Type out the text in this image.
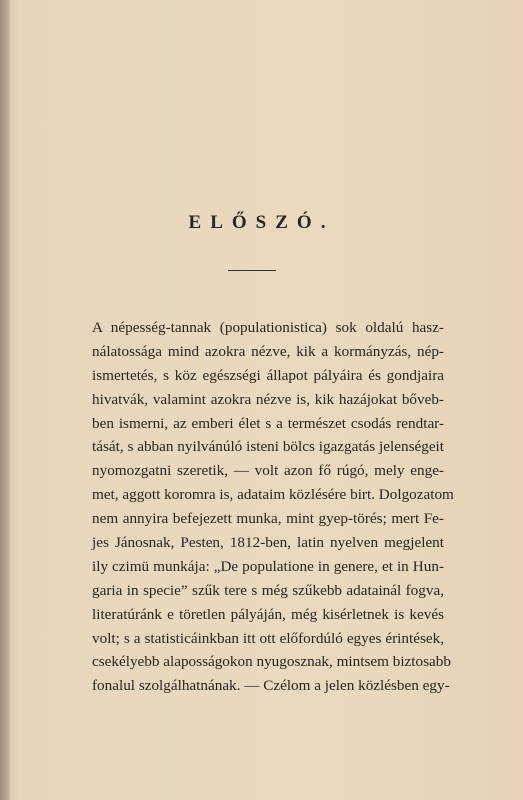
ELŐSZÓ.
A népesség-tannak (populationistica) sok oldalú hasz-
nálatossága mind azokra nézve, kik a kormányzás, nép-
ismertetés, s köz egészségi állapot pályáira és gondjaira
hivatvák, valamint azokra nézve is, kik hazájokat bőveb-
ben ismerni, az emberi élet s a természet csodás rendtar-
tását, s abban nyilvánúló isteni bölcs igazgatás jelenségeit
nyomozgatni szeretik, — volt azon fő rúgó, mely enge-
met, aggott koromra is, adataim közlésére birt. Dolgozatom
nem annyira befejezett munka, mint gyep-törés; mert Fe-
jes Jánosnak, Pesten, 1812-ben, latin nyelven megjelent
ily czimü munkája: „De populatione in genere, et in Hun-
garia in specie” szűk tere s még szűkebb adatainál fogva,
literatúránk e töretlen pályáján, még kisérletnek is kevés
volt; s a statisticáinkban itt ott előfordúló egyes érintések,
csekélyebb alaposságokon nyugosznak, mintsem biztosabb
fonalul szolgálhatnának. — Czélom a jelen közlésben egy-
